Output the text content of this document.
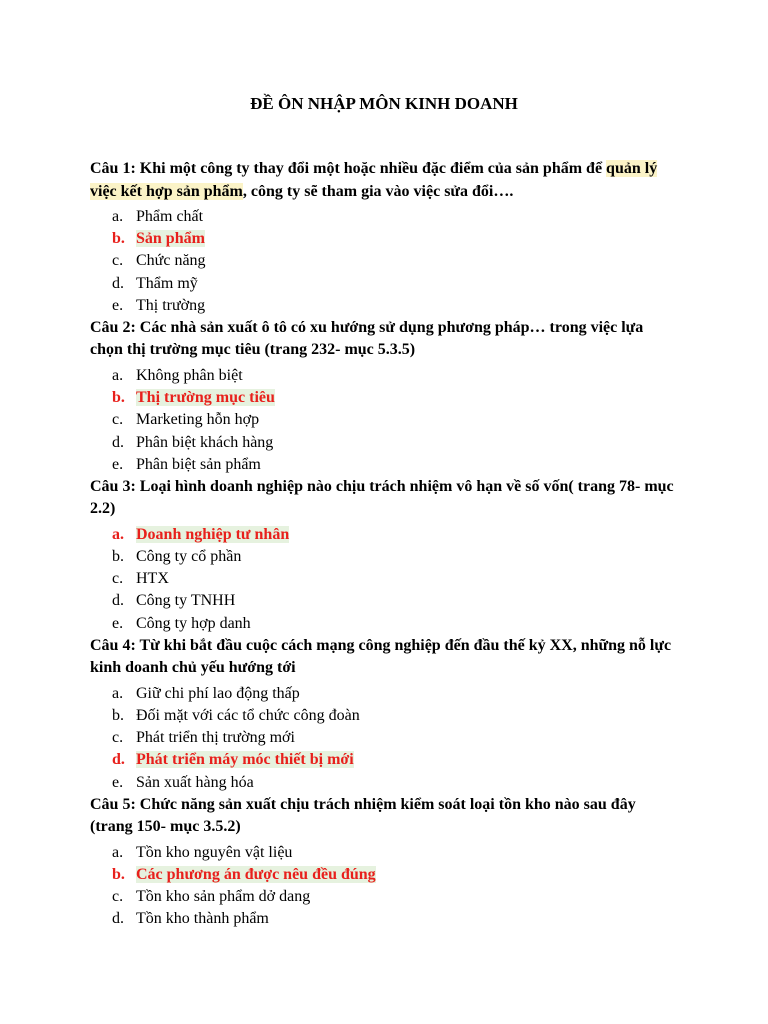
ĐỀ ÔN NHẬP MÔN KINH DOANH

Câu 1: Khi một công ty thay đổi một hoặc nhiều đặc điểm của sản phẩm để quản lý việc kết hợp sản phẩm, công ty sẽ tham gia vào việc sửa đổi….

a. Phẩm chất
b. Sản phẩm
c. Chức năng
d. Thẩm mỹ
e. Thị trường

Câu 2: Các nhà sản xuất ô tô có xu hướng sử dụng phương pháp… trong việc lựa chọn thị trường mục tiêu (trang 232- mục 5.3.5)

a. Không phân biệt
b. Thị trường mục tiêu
c. Marketing hỗn hợp
d. Phân biệt khách hàng
e. Phân biệt sản phẩm

Câu 3: Loại hình doanh nghiệp nào chịu trách nhiệm vô hạn về số vốn( trang 78- mục 2.2)

a. Doanh nghiệp tư nhân
b. Công ty cổ phần
c. HTX
d. Công ty TNHH
e. Công ty hợp danh

Câu 4: Từ khi bắt đầu cuộc cách mạng công nghiệp đến đầu thế kỷ XX, những nỗ lực kinh doanh chủ yếu hướng tới

a. Giữ chi phí lao động thấp
b. Đối mặt với các tổ chức công đoàn
c. Phát triển thị trường mới
d. Phát triển máy móc thiết bị mới
e. Sản xuất hàng hóa

Câu 5: Chức năng sản xuất chịu trách nhiệm kiểm soát loại tồn kho nào sau đây (trang 150- mục 3.5.2)

a. Tồn kho nguyên vật liệu
b. Các phương án được nêu đều đúng
c. Tồn kho sản phẩm dở dang
d. Tồn kho thành phẩm
